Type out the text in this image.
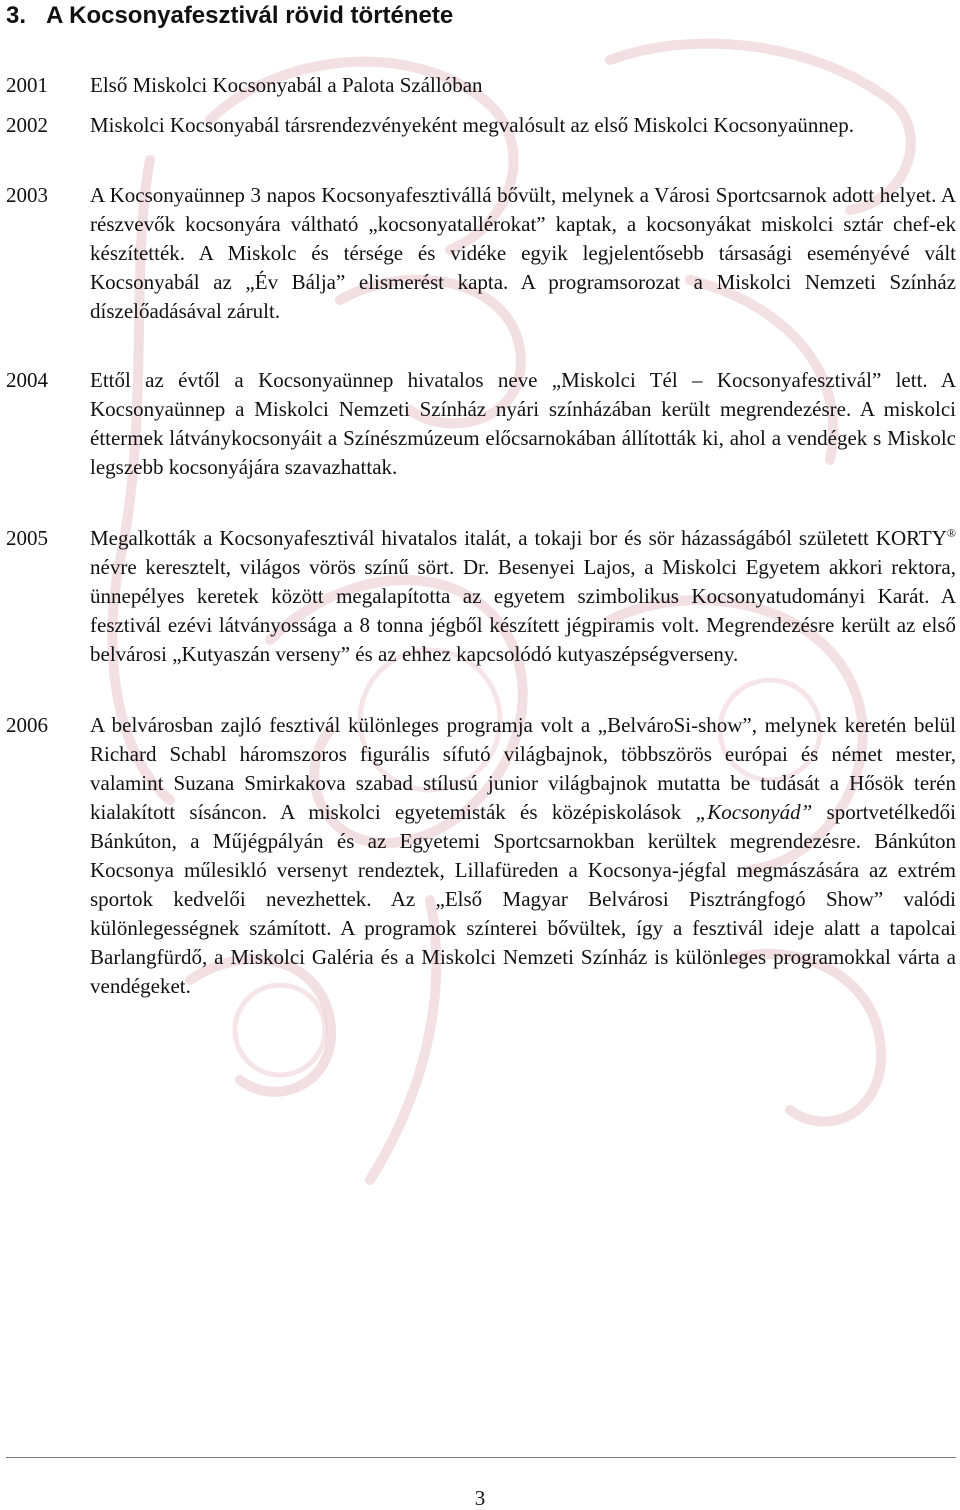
3. A Kocsonyafesztivál rövid története
2001 Első Miskolci Kocsonyabál a Palota Szállóban

2002 Miskolci Kocsonyabál társrendezvényeként megvalósult az első Miskolci Kocsonyaünnep.

2003 A Kocsonyaünnep 3 napos Kocsonyafesztivállá bővült, melynek a Városi Sportcsarnok adott helyet. A részvevők kocsonyára váltható „kocsonyatallérokat” kaptak, a kocsonyákat miskolci sztár chef-ek készítették. A Miskolc és térsége és vidéke egyik legjelentősebb társasági eseményévé vált Kocsonyabál az „Év Bálja” elismerést kapta. A programsorozat a Miskolci Nemzeti Színház díszelőadásával zárult.

2004 Ettől az évtől a Kocsonyaünnep hivatalos neve „Miskolci Tél – Kocsonyafesztivál” lett. A Kocsonyaünnep a Miskolci Nemzeti Színház nyári színházában került megrendezésre. A miskolci éttermek látványkocsonyáit a Színészmúzeum előcsarnokában állították ki, ahol a vendégek s Miskolc legszebb kocsonyájára szavazhattak.

2005 Megalkották a Kocsonyafesztivál hivatalos italát, a tokaji bor és sör házasságából született KORTY® névre keresztelt, világos vörös színű sört. Dr. Besenyei Lajos, a Miskolci Egyetem akkori rektora, ünnepélyes keretek között megalapította az egyetem szimbolikus Kocsonyatudományi Karát. A fesztivál ezévi látványossága a 8 tonna jégből készített jégpiramis volt. Megrendezésre került az első belvárosi „Kutyaszán verseny” és az ehhez kapcsolódó kutyaszépségverseny.

2006 A belvárosban zajló fesztivál különleges programja volt a „BelvároSi-show”, melynek keretén belül Richard Schabl háromszoros figurális sífutó világbajnok, többszörös európai és német mester, valamint Suzana Smirkakova szabad stílusú junior világbajnok mutatta be tudását a Hősök terén kialakított sísáncon. A miskolci egyetemisták és középiskolások „Kocsonyád” sportvetélkedői Bánkúton, a Műjégpályán és az Egyetemi Sportcsarnokban kerültek megrendezésre. Bánkúton Kocsonya műlesikló versenyt rendeztek, Lillafüreden a Kocsonya-jégfal megmászására az extrém sportok kedvelői nevezhettek. Az „Első Magyar Belvárosi Pisztrángfogó Show” valódi különlegességnek számított. A programok színterei bővültek, így a fesztivál ideje alatt a tapolcai Barlangfürdő, a Miskolci Galéria és a Miskolci Nemzeti Színház is különleges programokkal várta a vendégeket.

3
